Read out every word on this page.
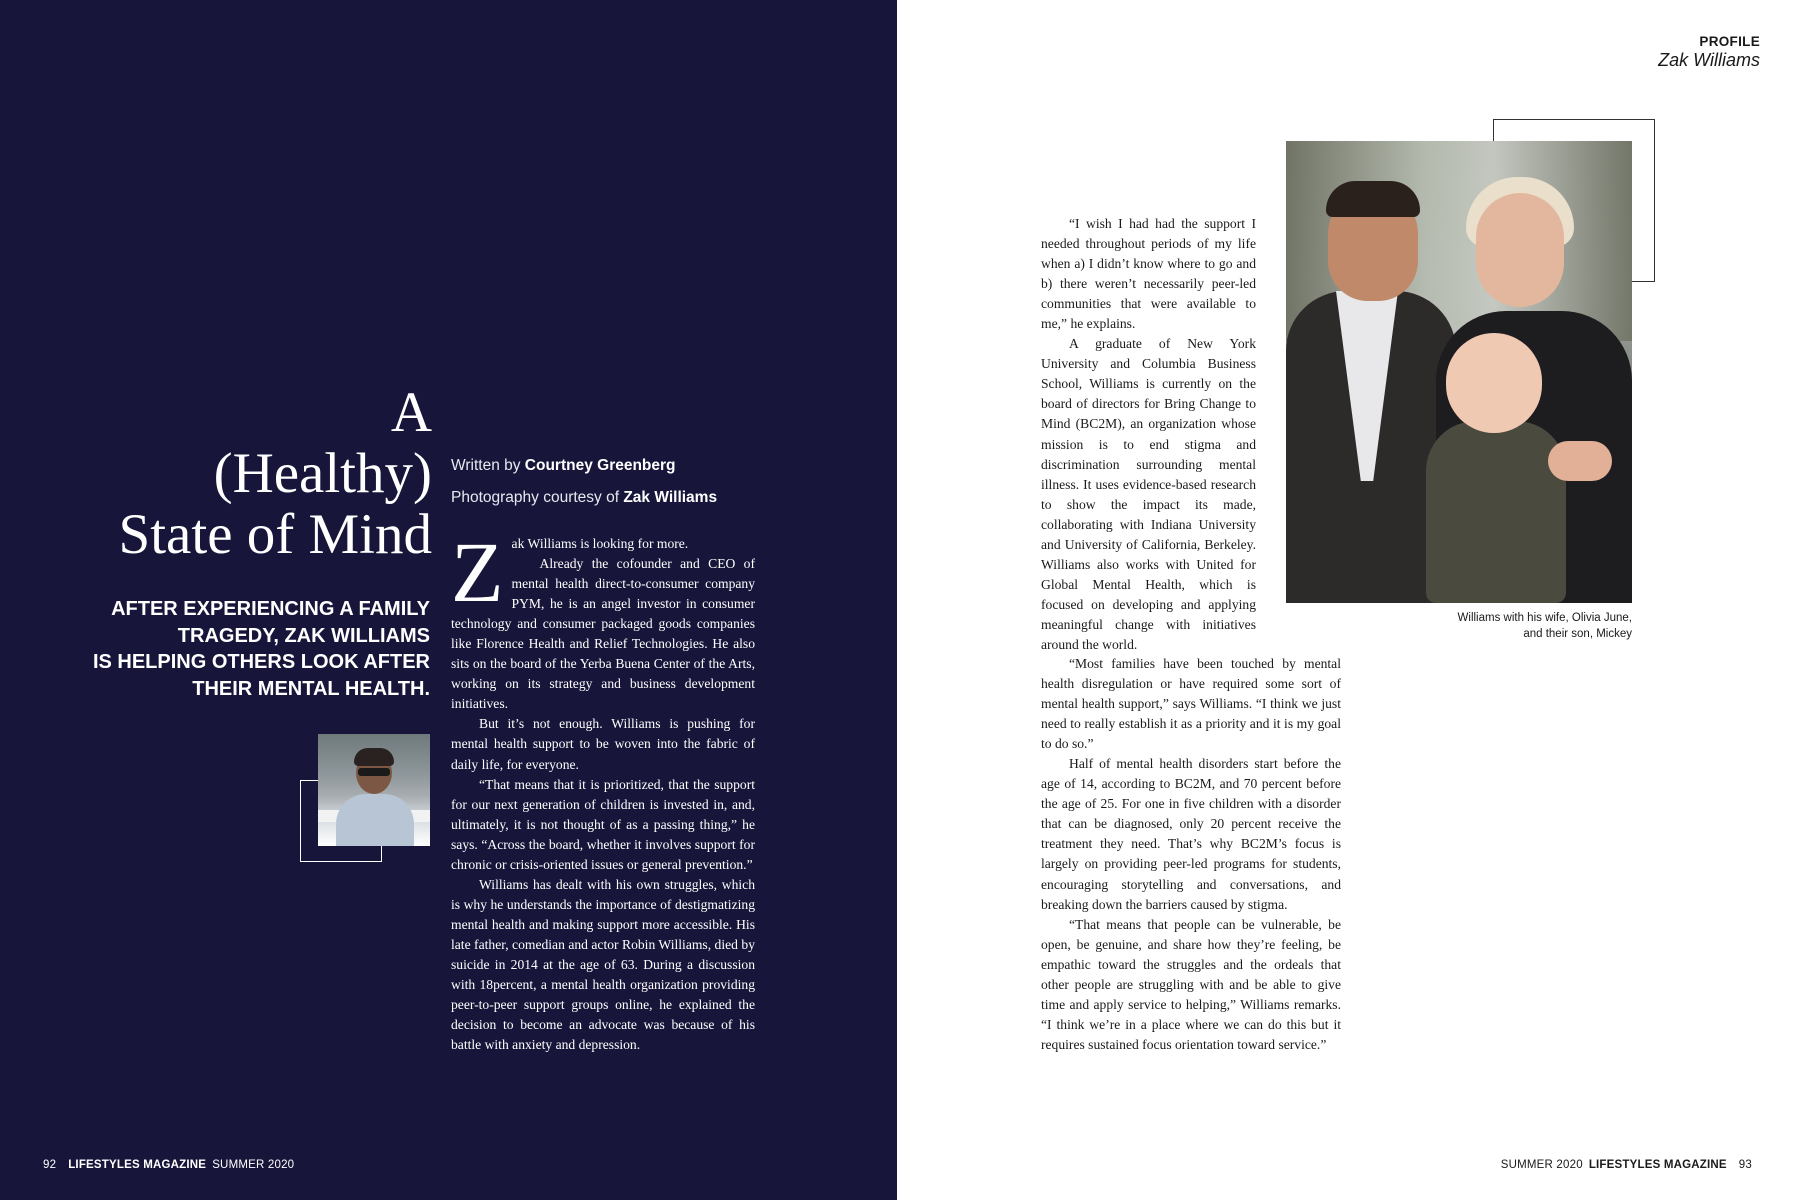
A
(Healthy)
State of Mind
AFTER EXPERIENCING A FAMILY
TRAGEDY, ZAK WILLIAMS
IS HELPING OTHERS LOOK AFTER
THEIR MENTAL HEALTH.
Written by Courtney Greenberg
Photography courtesy of Zak Williams
Z ak Williams is looking for more.

Already the cofounder and CEO of mental health direct-to-consumer company PYM, he is an angel investor in consumer technology and consumer packaged goods companies like Florence Health and Relief Technologies. He also sits on the board of the Yerba Buena Center of the Arts, working on its strategy and business development initiatives.

But it’s not enough. Williams is pushing for mental health support to be woven into the fabric of daily life, for everyone.

“That means that it is prioritized, that the support for our next generation of children is invested in, and, ultimately, it is not thought of as a passing thing,” he says. “Across the board, whether it involves support for chronic or crisis-oriented issues or general prevention.”

Williams has dealt with his own struggles, which is why he understands the importance of destigmatizing mental health and making support more accessible. His late father, comedian and actor Robin Williams, died by suicide in 2014 at the age of 63. During a discussion with 18percent, a mental health organization providing peer-to-peer support groups online, he explained the decision to become an advocate was because of his battle with anxiety and depression.

92 LIFESTYLES MAGAZINE SUMMER 2020
PROFILE
Zak Williams

Williams with his wife, Olivia June,
and their son, Mickey

“I wish I had had the support I needed throughout periods of my life when a) I didn’t know where to go and b) there weren’t necessarily peer-led communities that were available to me,” he explains.

A graduate of New York University and Columbia Business School, Williams is currently on the board of directors for Bring Change to Mind (BC2M), an organization whose mission is to end stigma and discrimination surrounding mental illness. It uses evidence-based research to show the impact its made, collaborating with Indiana University and University of California, Berkeley. Williams also works with United for Global Mental Health, which is focused on developing and applying meaningful change with initiatives around the world.

“Most families have been touched by mental health disregulation or have required some sort of mental health support,” says Williams. “I think we just need to really establish it as a priority and it is my goal to do so.”

Half of mental health disorders start before the age of 14, according to BC2M, and 70 percent before the age of 25. For one in five children with a disorder that can be diagnosed, only 20 percent receive the treatment they need. That’s why BC2M’s focus is largely on providing peer-led programs for students, encouraging storytelling and conversations, and breaking down the barriers caused by stigma.

“That means that people can be vulnerable, be open, be genuine, and share how they’re feeling, be empathic toward the struggles and the ordeals that other people are struggling with and be able to give time and apply service to helping,” Williams remarks. “I think we’re in a place where we can do this but it requires sustained focus orientation toward service.”

SUMMER 2020 LIFESTYLES MAGAZINE 93
